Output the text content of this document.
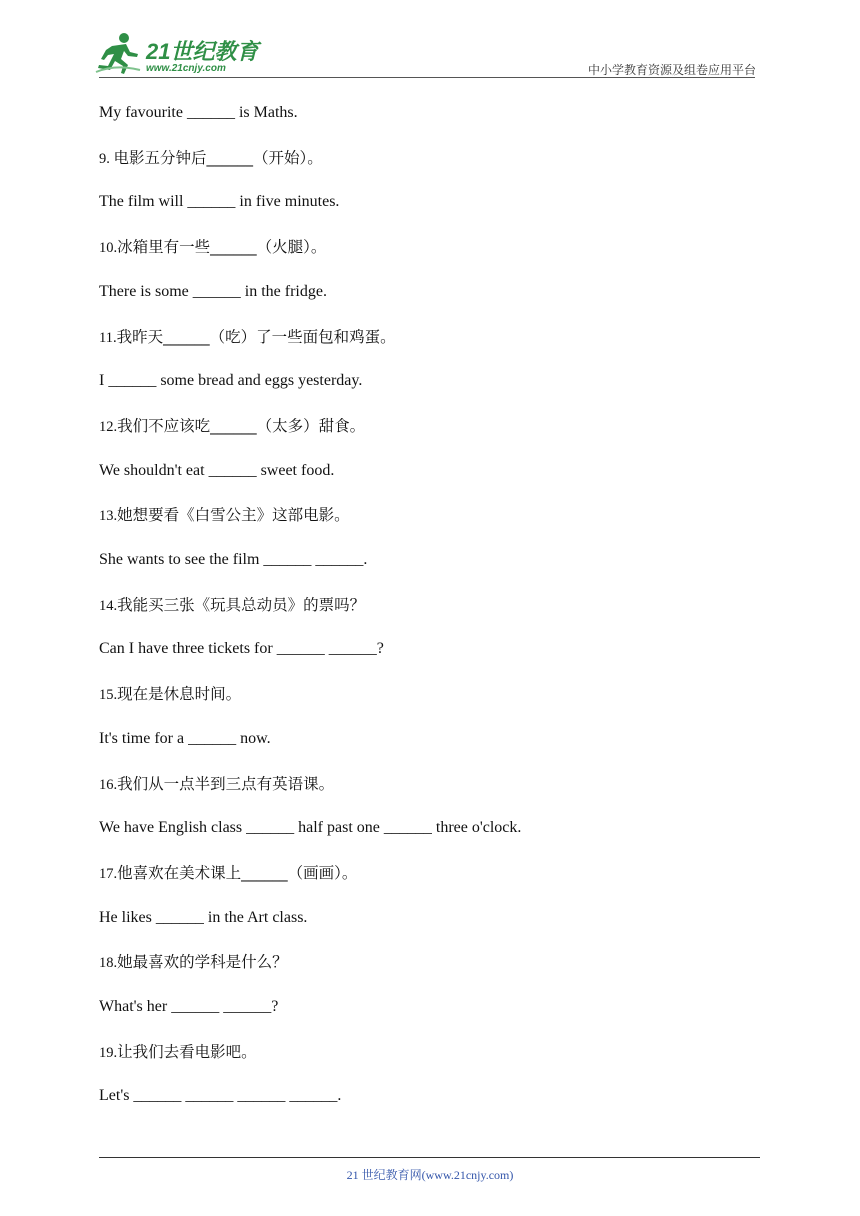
21世纪教育
www.21cnjy.com	中小学教育资源及组卷应用平台
My favourite ______ is Maths.
9. 电影五分钟后______（开始）。
The film will ______ in five minutes.
10.冰箱里有一些______（火腿）。
There is some ______ in the fridge.
11.我昨天______（吃）了一些面包和鸡蛋。
I ______ some bread and eggs yesterday.
12.我们不应该吃______（太多）甜食。
We shouldn't eat ______ sweet food.
13.她想要看《白雪公主》这部电影。
She wants to see the film ______ ______.
14.我能买三张《玩具总动员》的票吗？
Can I have three tickets for ______ ______?
15.现在是休息时间。
It's time for a ______ now.
16.我们从一点半到三点有英语课。
We have English class ______ half past one ______ three o'clock.
17.他喜欢在美术课上______（画画）。
He likes ______ in the Art class.
18.她最喜欢的学科是什么？
What's her ______ ______?
19.让我们去看电影吧。
Let's ______ ______ ______ ______.
21 世纪教育网(www.21cnjy.com)
